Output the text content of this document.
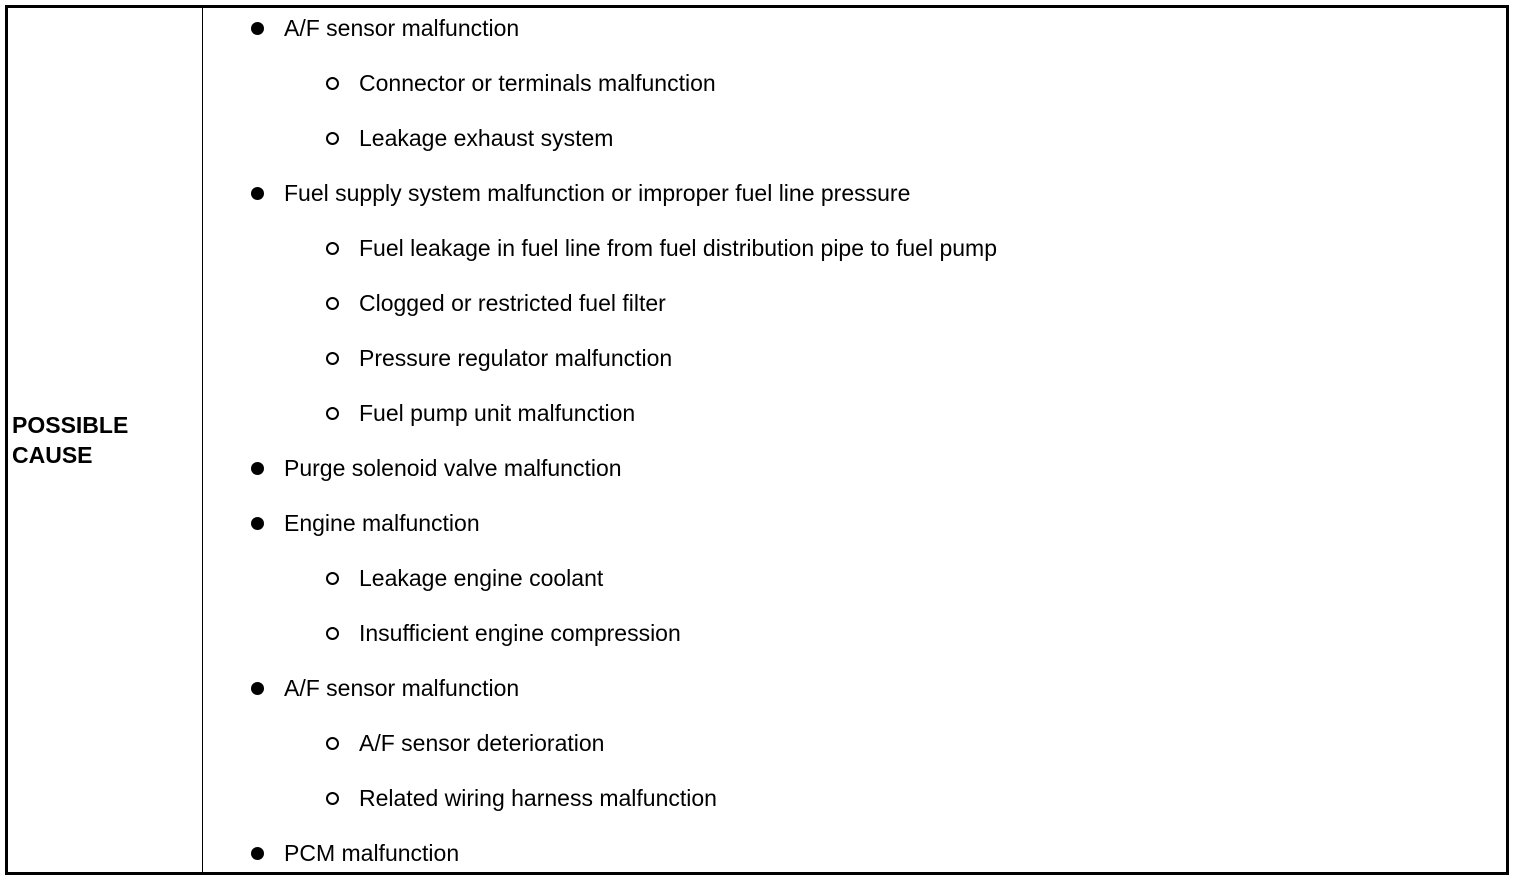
POSSIBLE CAUSE
A/F sensor malfunction
Connector or terminals malfunction
Leakage exhaust system
Fuel supply system malfunction or improper fuel line pressure
Fuel leakage in fuel line from fuel distribution pipe to fuel pump
Clogged or restricted fuel filter
Pressure regulator malfunction
Fuel pump unit malfunction
Purge solenoid valve malfunction
Engine malfunction
Leakage engine coolant
Insufficient engine compression
A/F sensor malfunction
A/F sensor deterioration
Related wiring harness malfunction
PCM malfunction
